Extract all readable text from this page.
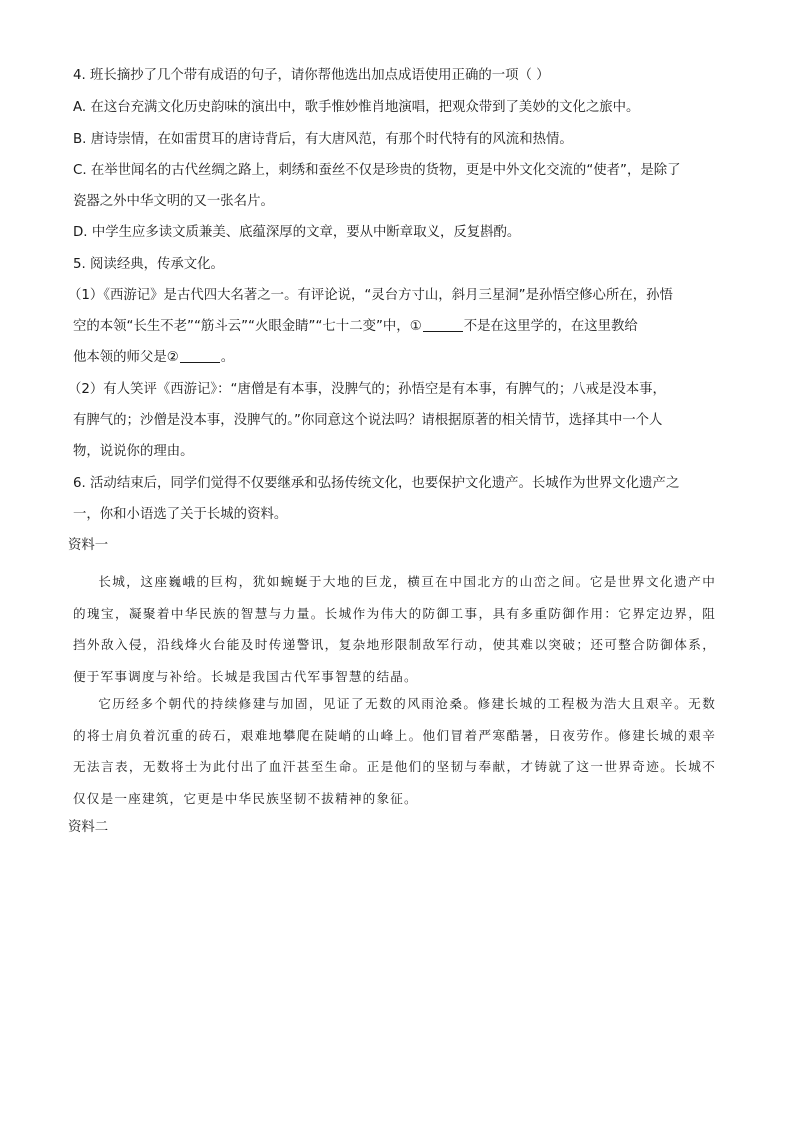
4. 班长摘抄了几个带有成语的句子，请你帮他选出加点成语使用正确的一项（ ）
A. 在这台充满文化历史韵味的演出中，歌手惟妙惟肖地演唱，把观众带到了美妙的文化之旅中。
B. 唐诗崇情，在如雷贯耳的唐诗背后，有大唐风范，有那个时代特有的风流和热情。
C. 在举世闻名的古代丝绸之路上，刺绣和蚕丝不仅是珍贵的货物，更是中外文化交流的“使者”，是除了
瓷器之外中华文明的又一张名片。
D. 中学生应多读文质兼美、底蕴深厚的文章，要从中断章取义，反复斟酌。
5. 阅读经典，传承文化。
（1）《西游记》是古代四大名著之一。有评论说，“灵台方寸山，斜月三星洞”是孙悟空修心所在，孙悟
空的本领“长生不老”“筋斗云”“火眼金睛”“七十二变”中，①	不是在这里学的，在这里教给
他本领的师父是②	。
（2）有人笑评《西游记》：“唐僧是有本事，没脾气的；孙悟空是有本事，有脾气的；八戒是没本事，
有脾气的；沙僧是没本事，没脾气的。”你同意这个说法吗？请根据原著的相关情节，选择其中一个人
物，说说你的理由。
6. 活动结束后，同学们觉得不仅要继承和弘扬传统文化，也要保护文化遗产。长城作为世界文化遗产之
一，你和小语选了关于长城的资料。
资料一
长城，这座巍峨的巨构，犹如蜿蜒于大地的巨龙，横亘在中国北方的山峦之间。它是世界文化遗产中的瑰宝，凝聚着中华民族的智慧与力量。长城作为伟大的防御工事，具有多重防御作用：它界定边界，阻挡外敌入侵，沿线烽火台能及时传递警讯，复杂地形限制敌军行动，使其难以突破；还可整合防御体系，便于军事调度与补给。长城是我国古代军事智慧的结晶。
它历经多个朝代的持续修建与加固，见证了无数的风雨沧桑。修建长城的工程极为浩大且艰辛。无数的将士肩负着沉重的砖石，艰难地攀爬在陡峭的山峰上。他们冒着严寒酷暑，日夜劳作。修建长城的艰辛无法言表，无数将士为此付出了血汗甚至生命。正是他们的坚韧与奉献，才铸就了这一世界奇迹。长城不仅仅是一座建筑，它更是中华民族坚韧不拔精神的象征。
资料二
